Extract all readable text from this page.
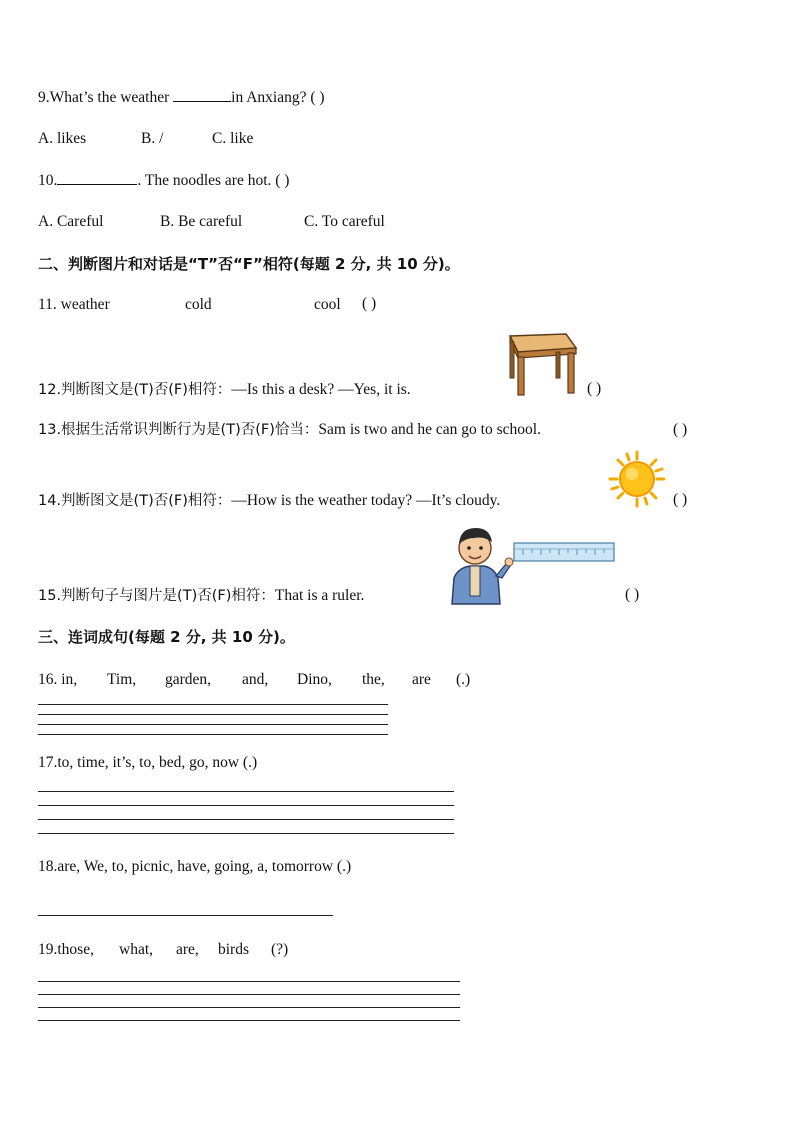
9.What’s the weather	in Anxiang? ( )
A. likes	B. /	C. like
10.	. The noodles are hot. ( )
A. Careful	B. Be careful	C. To careful
二、判断图片和对话是“T”否“F”相符(每题 2 分, 共 10 分)。
11. weather	cold	cool ( )
12.判断图文是(T)否(F)相符：—Is this a desk? —Yes, it is.	( )
13.根据生活常识判断行为是(T)否(F)恰当：Sam is two and he can go to school.	( )
14.判断图文是(T)否(F)相符：—How is the weather today? —It’s cloudy.	( )
15.判断句子与图片是(T)否(F)相符：That is a ruler.	( )
三、连词成句(每题 2 分, 共 10 分)。
16. in, Tim, garden, and, Dino, the, are (.)
17.to, time, it’s, to, bed, go, now (.)
18.are, We, to, picnic, have, going, a, tomorrow (.)
19.those, what, are, birds (?)
